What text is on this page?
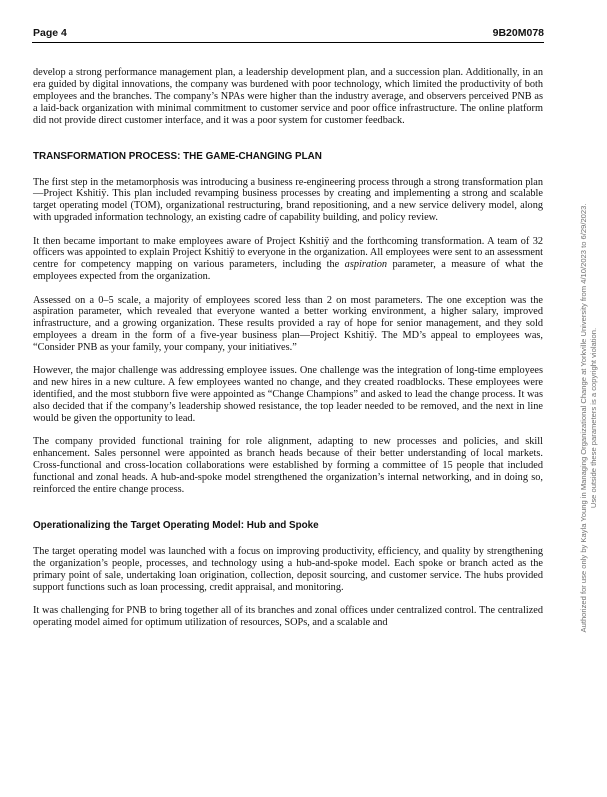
Page 4	9B20M078

develop a strong performance management plan, a leadership development plan, and a succession plan. Additionally, in an era guided by digital innovations, the company was burdened with poor technology, which limited the productivity of both employees and the branches. The company’s NPAs were higher than the industry average, and observers perceived PNB as a laid-back organization with minimal commitment to customer service and poor office infrastructure. The online platform did not provide direct customer interface, and it was a poor system for customer feedback.

TRANSFORMATION PROCESS: THE GAME-CHANGING PLAN

The first step in the metamorphosis was introducing a business re-engineering process through a strong transformation plan—Project Kshitiÿ. This plan included revamping business processes by creating and implementing a strong and scalable target operating model (TOM), organizational restructuring, brand repositioning, and a new service delivery model, along with upgraded information technology, an existing cadre of capability building, and policy review.

It then became important to make employees aware of Project Kshitiÿ and the forthcoming transformation. A team of 32 officers was appointed to explain Project Kshitiÿ to everyone in the organization. All employees were sent to an assessment centre for competency mapping on various parameters, including the aspiration parameter, a measure of what the employees expected from the organization.

Assessed on a 0–5 scale, a majority of employees scored less than 2 on most parameters. The one exception was the aspiration parameter, which revealed that everyone wanted a better working environment, a higher salary, improved infrastructure, and a growing organization. These results provided a ray of hope for senior management, and they sold employees a dream in the form of a five-year business plan—Project Kshitiÿ. The MD’s appeal to employees was, “Consider PNB as your family, your company, your initiatives.”

However, the major challenge was addressing employee issues. One challenge was the integration of long-time employees and new hires in a new culture. A few employees wanted no change, and they created roadblocks. These employees were identified, and the most stubborn five were appointed as “Change Champions” and asked to lead the change process. It was also decided that if the company’s leadership showed resistance, the top leader needed to be removed, and the next in line would be given the opportunity to lead.

The company provided functional training for role alignment, adapting to new processes and policies, and skill enhancement. Sales personnel were appointed as branch heads because of their better understanding of local markets. Cross-functional and cross-location collaborations were established by forming a committee of 15 people that included functional and zonal heads. A hub-and-spoke model strengthened the organization’s internal networking, and in doing so, reinforced the entire change process.

Operationalizing the Target Operating Model: Hub and Spoke

The target operating model was launched with a focus on improving productivity, efficiency, and quality by strengthening the organization’s people, processes, and technology using a hub-and-spoke model. Each spoke or branch acted as the primary point of sale, undertaking loan origination, collection, deposit sourcing, and customer service. The hubs provided support functions such as loan processing, credit appraisal, and monitoring.

It was challenging for PNB to bring together all of its branches and zonal offices under centralized control. The centralized operating model aimed for optimum utilization of resources, SOPs, and a scalable and	Authorized for use only by Kayla Young in Managing Organizational Change at Yorkville University from 4/10/2023 to 6/29/2023. Use outside these parameters is a copyright violation.
